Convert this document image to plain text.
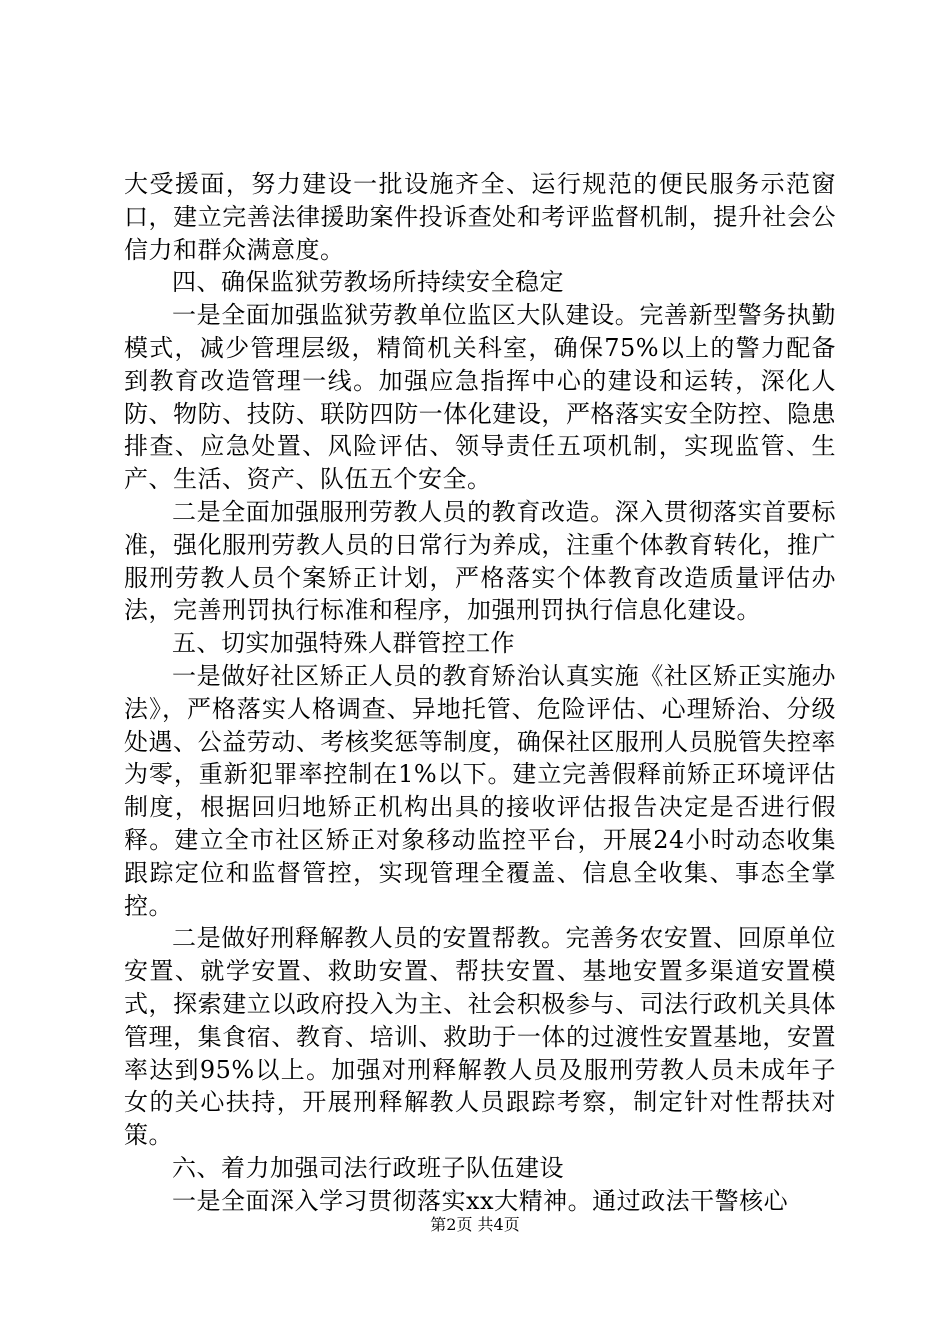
大受援面，努力建设一批设施齐全、运行规范的便民服务示范窗口，建立完善法律援助案件投诉查处和考评监督机制，提升社会公信力和群众满意度。

四、确保监狱劳教场所持续安全稳定

一是全面加强监狱劳教单位监区大队建设。完善新型警务执勤模式，减少管理层级，精简机关科室，确保75%以上的警力配备到教育改造管理一线。加强应急指挥中心的建设和运转，深化人防、物防、技防、联防四防一体化建设，严格落实安全防控、隐患排查、应急处置、风险评估、领导责任五项机制，实现监管、生产、生活、资产、队伍五个安全。

二是全面加强服刑劳教人员的教育改造。深入贯彻落实首要标准，强化服刑劳教人员的日常行为养成，注重个体教育转化，推广服刑劳教人员个案矫正计划，严格落实个体教育改造质量评估办法，完善刑罚执行标准和程序，加强刑罚执行信息化建设。

五、切实加强特殊人群管控工作

一是做好社区矫正人员的教育矫治认真实施《社区矫正实施办法》，严格落实人格调查、异地托管、危险评估、心理矫治、分级处遇、公益劳动、考核奖惩等制度，确保社区服刑人员脱管失控率为零，重新犯罪率控制在1%以下。建立完善假释前矫正环境评估制度，根据回归地矫正机构出具的接收评估报告决定是否进行假释。建立全市社区矫正对象移动监控平台，开展24小时动态收集跟踪定位和监督管控，实现管理全覆盖、信息全收集、事态全掌控。

二是做好刑释解教人员的安置帮教。完善务农安置、回原单位安置、就学安置、救助安置、帮扶安置、基地安置多渠道安置模式，探索建立以政府投入为主、社会积极参与、司法行政机关具体管理，集食宿、教育、培训、救助于一体的过渡性安置基地，安置率达到95%以上。加强对刑释解教人员及服刑劳教人员未成年子女的关心扶持，开展刑释解教人员跟踪考察，制定针对性帮扶对策。

六、着力加强司法行政班子队伍建设

一是全面深入学习贯彻落实xx大精神。通过政法干警核心

第2页 共4页
